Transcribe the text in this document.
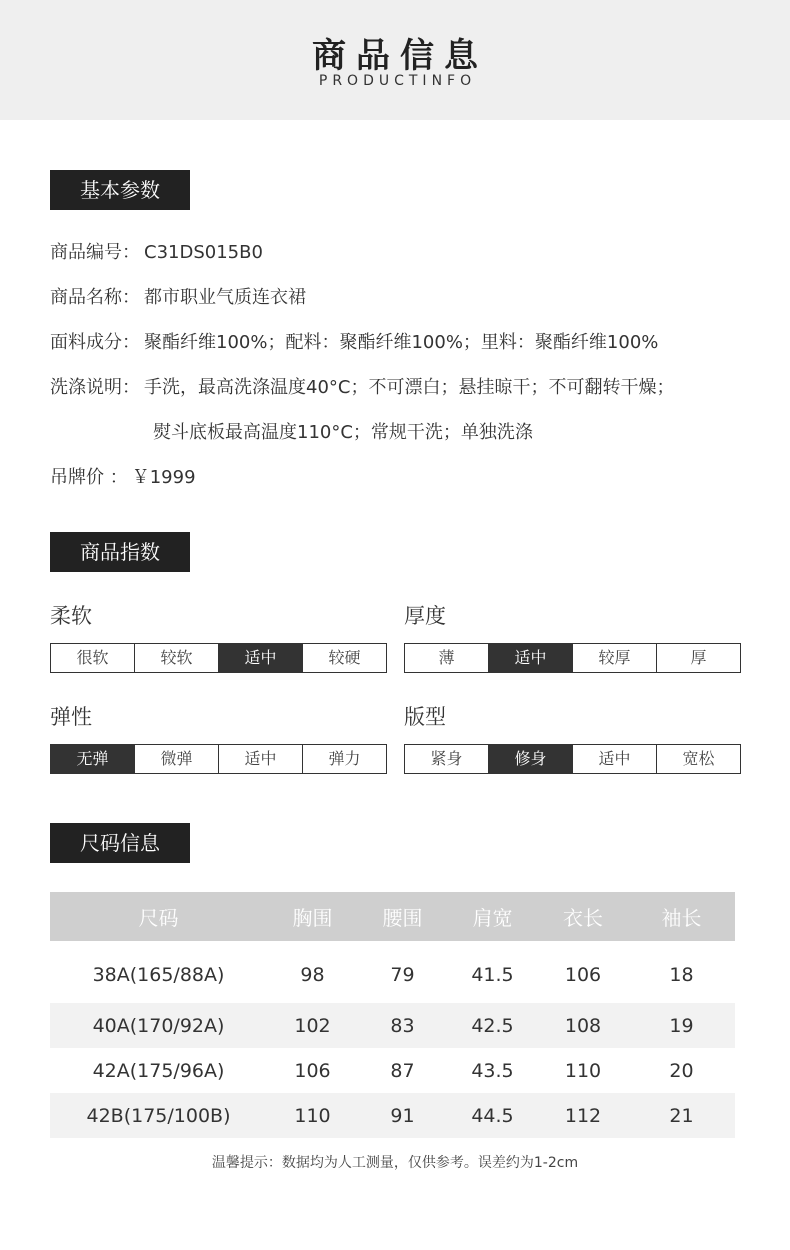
商品信息
PRODUCTINFO
基本参数
商品编号： C31DS015B0
商品名称： 都市职业气质连衣裙
面料成分： 聚酯纤维100%；配料：聚酯纤维100%；里料：聚酯纤维100%
洗涤说明： 手洗，最高洗涤温度40°C；不可漂白；悬挂晾干；不可翻转干燥；
熨斗底板最高温度110°C；常规干洗；单独洗涤
吊牌价 ： ￥1999
商品指数
柔软
很软	较软	适中	较硬
厚度
薄	适中	较厚	厚
弹性
无弹	微弹	适中	弹力
版型
紧身	修身	适中	宽松
尺码信息
尺码	胸围	腰围	肩宽	衣长	袖长
38A(165/88A)	98	79	41.5	106	18
40A(170/92A)	102	83	42.5	108	19
42A(175/96A)	106	87	43.5	110	20
42B(175/100B)	110	91	44.5	112	21
温馨提示：数据均为人工测量，仅供参考。误差约为1-2cm
